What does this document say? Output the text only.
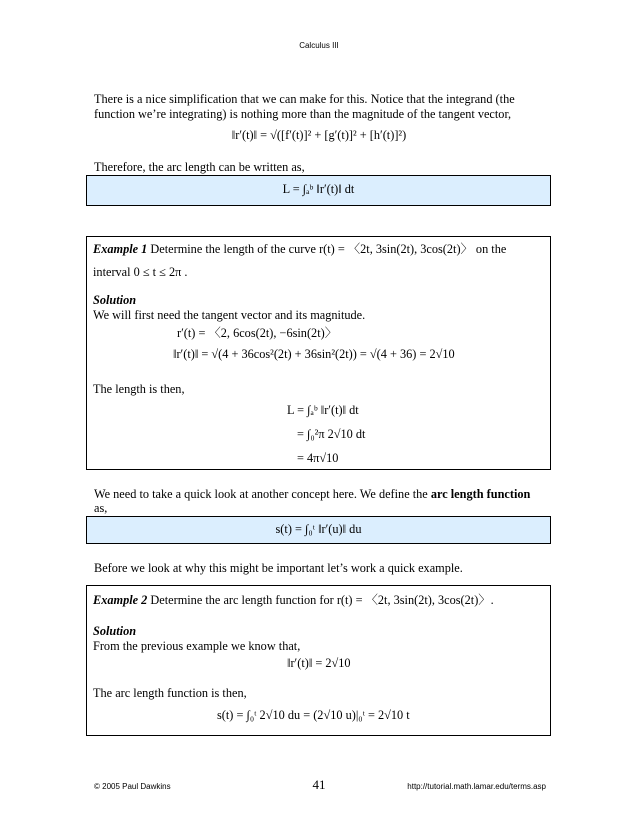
Calculus III
There is a nice simplification that we can make for this. Notice that the integrand (the
function we’re integrating) is nothing more than the magnitude of the tangent vector,
‖r′(t)‖ = √([f′(t)]² + [g′(t)]² + [h′(t)]²)
Therefore, the arc length can be written as,
L = ∫ₐᵇ ‖r′(t)‖ dt
Example 1 Determine the length of the curve r(t) = 〈2t, 3sin(2t), 3cos(2t)〉 on the
interval 0 ≤ t ≤ 2π .
Solution
We will first need the tangent vector and its magnitude.
r′(t) = 〈2, 6cos(2t), −6sin(2t)〉
‖r′(t)‖ = √(4 + 36cos²(2t) + 36sin²(2t)) = √(4 + 36) = 2√10
The length is then,
L = ∫ₐᵇ ‖r′(t)‖ dt
= ∫₀²π 2√10 dt
= 4π√10
We need to take a quick look at another concept here. We define the arc length function
as,
s(t) = ∫₀ᵗ ‖r′(u)‖ du
Before we look at why this might be important let’s work a quick example.
Example 2 Determine the arc length function for r(t) = 〈2t, 3sin(2t), 3cos(2t)〉.
Solution
From the previous example we know that,
‖r′(t)‖ = 2√10
The arc length function is then,
s(t) = ∫₀ᵗ 2√10 du = (2√10 u)|₀ᵗ = 2√10 t
© 2005 Paul Dawkins	41	http://tutorial.math.lamar.edu/terms.asp
